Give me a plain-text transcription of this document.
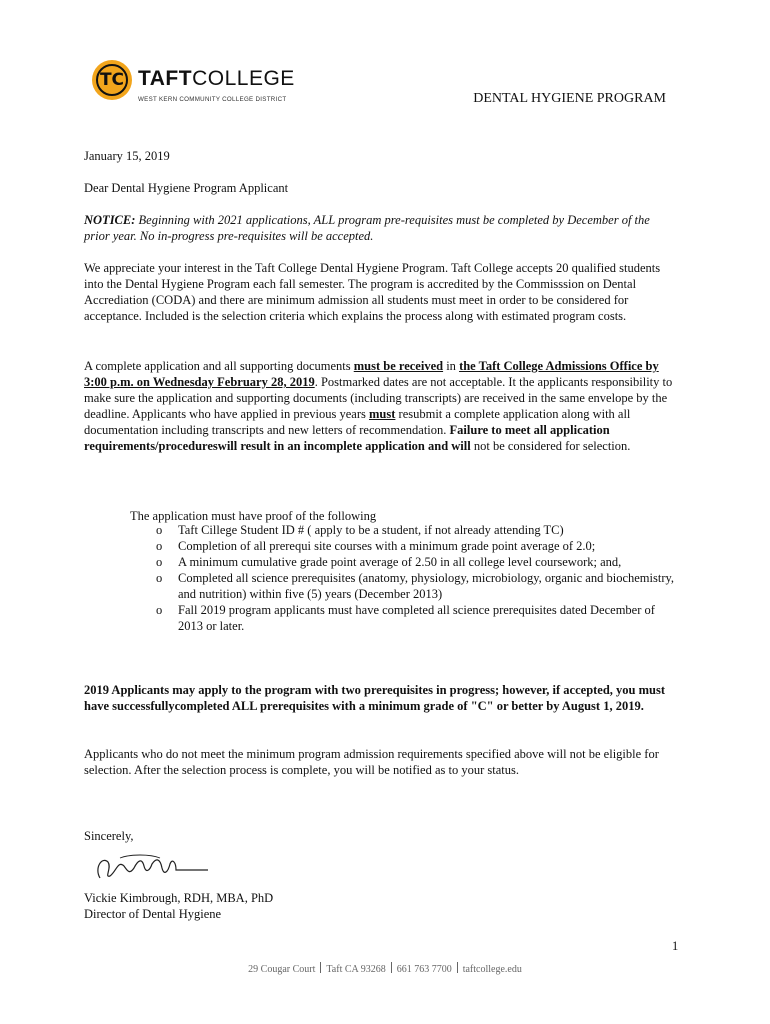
TC TAFTCOLLEGE
WEST KERN COMMUNITY COLLEGE DISTRICT	DENTAL HYGIENE PROGRAM

January 15, 2019

Dear Dental Hygiene Program Applicant

NOTICE: Beginning with 2021 applications, ALL program pre-requisites must be completed by December of the prior year. No in-progress pre-requisites will be accepted.

We appreciate your interest in the Taft College Dental Hygiene Program. Taft College accepts 20 qualified students into the Dental Hygiene Program each fall semester. The program is accredited by the Commisssion on Dental Accrediation (CODA) and there are minimum admission all students must meet in order to be considered for acceptance. Included is the selection criteria which explains the process along with estimated program costs.

A complete application and all supporting documents must be received in the Taft College Admissions Office by 3:00 p.m. on Wednesday February 28, 2019. Postmarked dates are not acceptable. It the applicants responsibility to make sure the application and supporting documents (including transcripts) are received in the same envelope by the deadline. Applicants who have applied in previous years must resubmit a complete application along with all documentation including transcripts and new letters of recommendation. Failure to meet all application requirements/procedureswill result in an incomplete application and will not be considered for selection.

The application must have proof of the following
o Taft Cillege Student ID # ( apply to be a student, if not already attending TC)
o Completion of all prerequi site courses with a minimum grade point average of 2.0;
o A minimum cumulative grade point average of 2.50 in all college level coursework; and,
o Completed all science prerequisites (anatomy, physiology, microbiology, organic and biochemistry, and nutrition) within five (5) years (December 2013)
o Fall 2019 program applicants must have completed all science prerequisites dated December of 2013 or later.

2019 Applicants may apply to the program with two prerequisites in progress; however, if accepted, you must have successfullycompleted ALL prerequisites with a minimum grade of "C" or better by August 1, 2019.

Applicants who do not meet the minimum program admission requirements specified above will not be eligible for selection. After the selection process is complete, you will be notified as to your status.

Sincerely,

Vickie Kimbrough, RDH, MBA, PhD
Director of Dental Hygiene
1
29 Cougar Court Taft CA 93268 661 763 7700 taftcollege.edu
